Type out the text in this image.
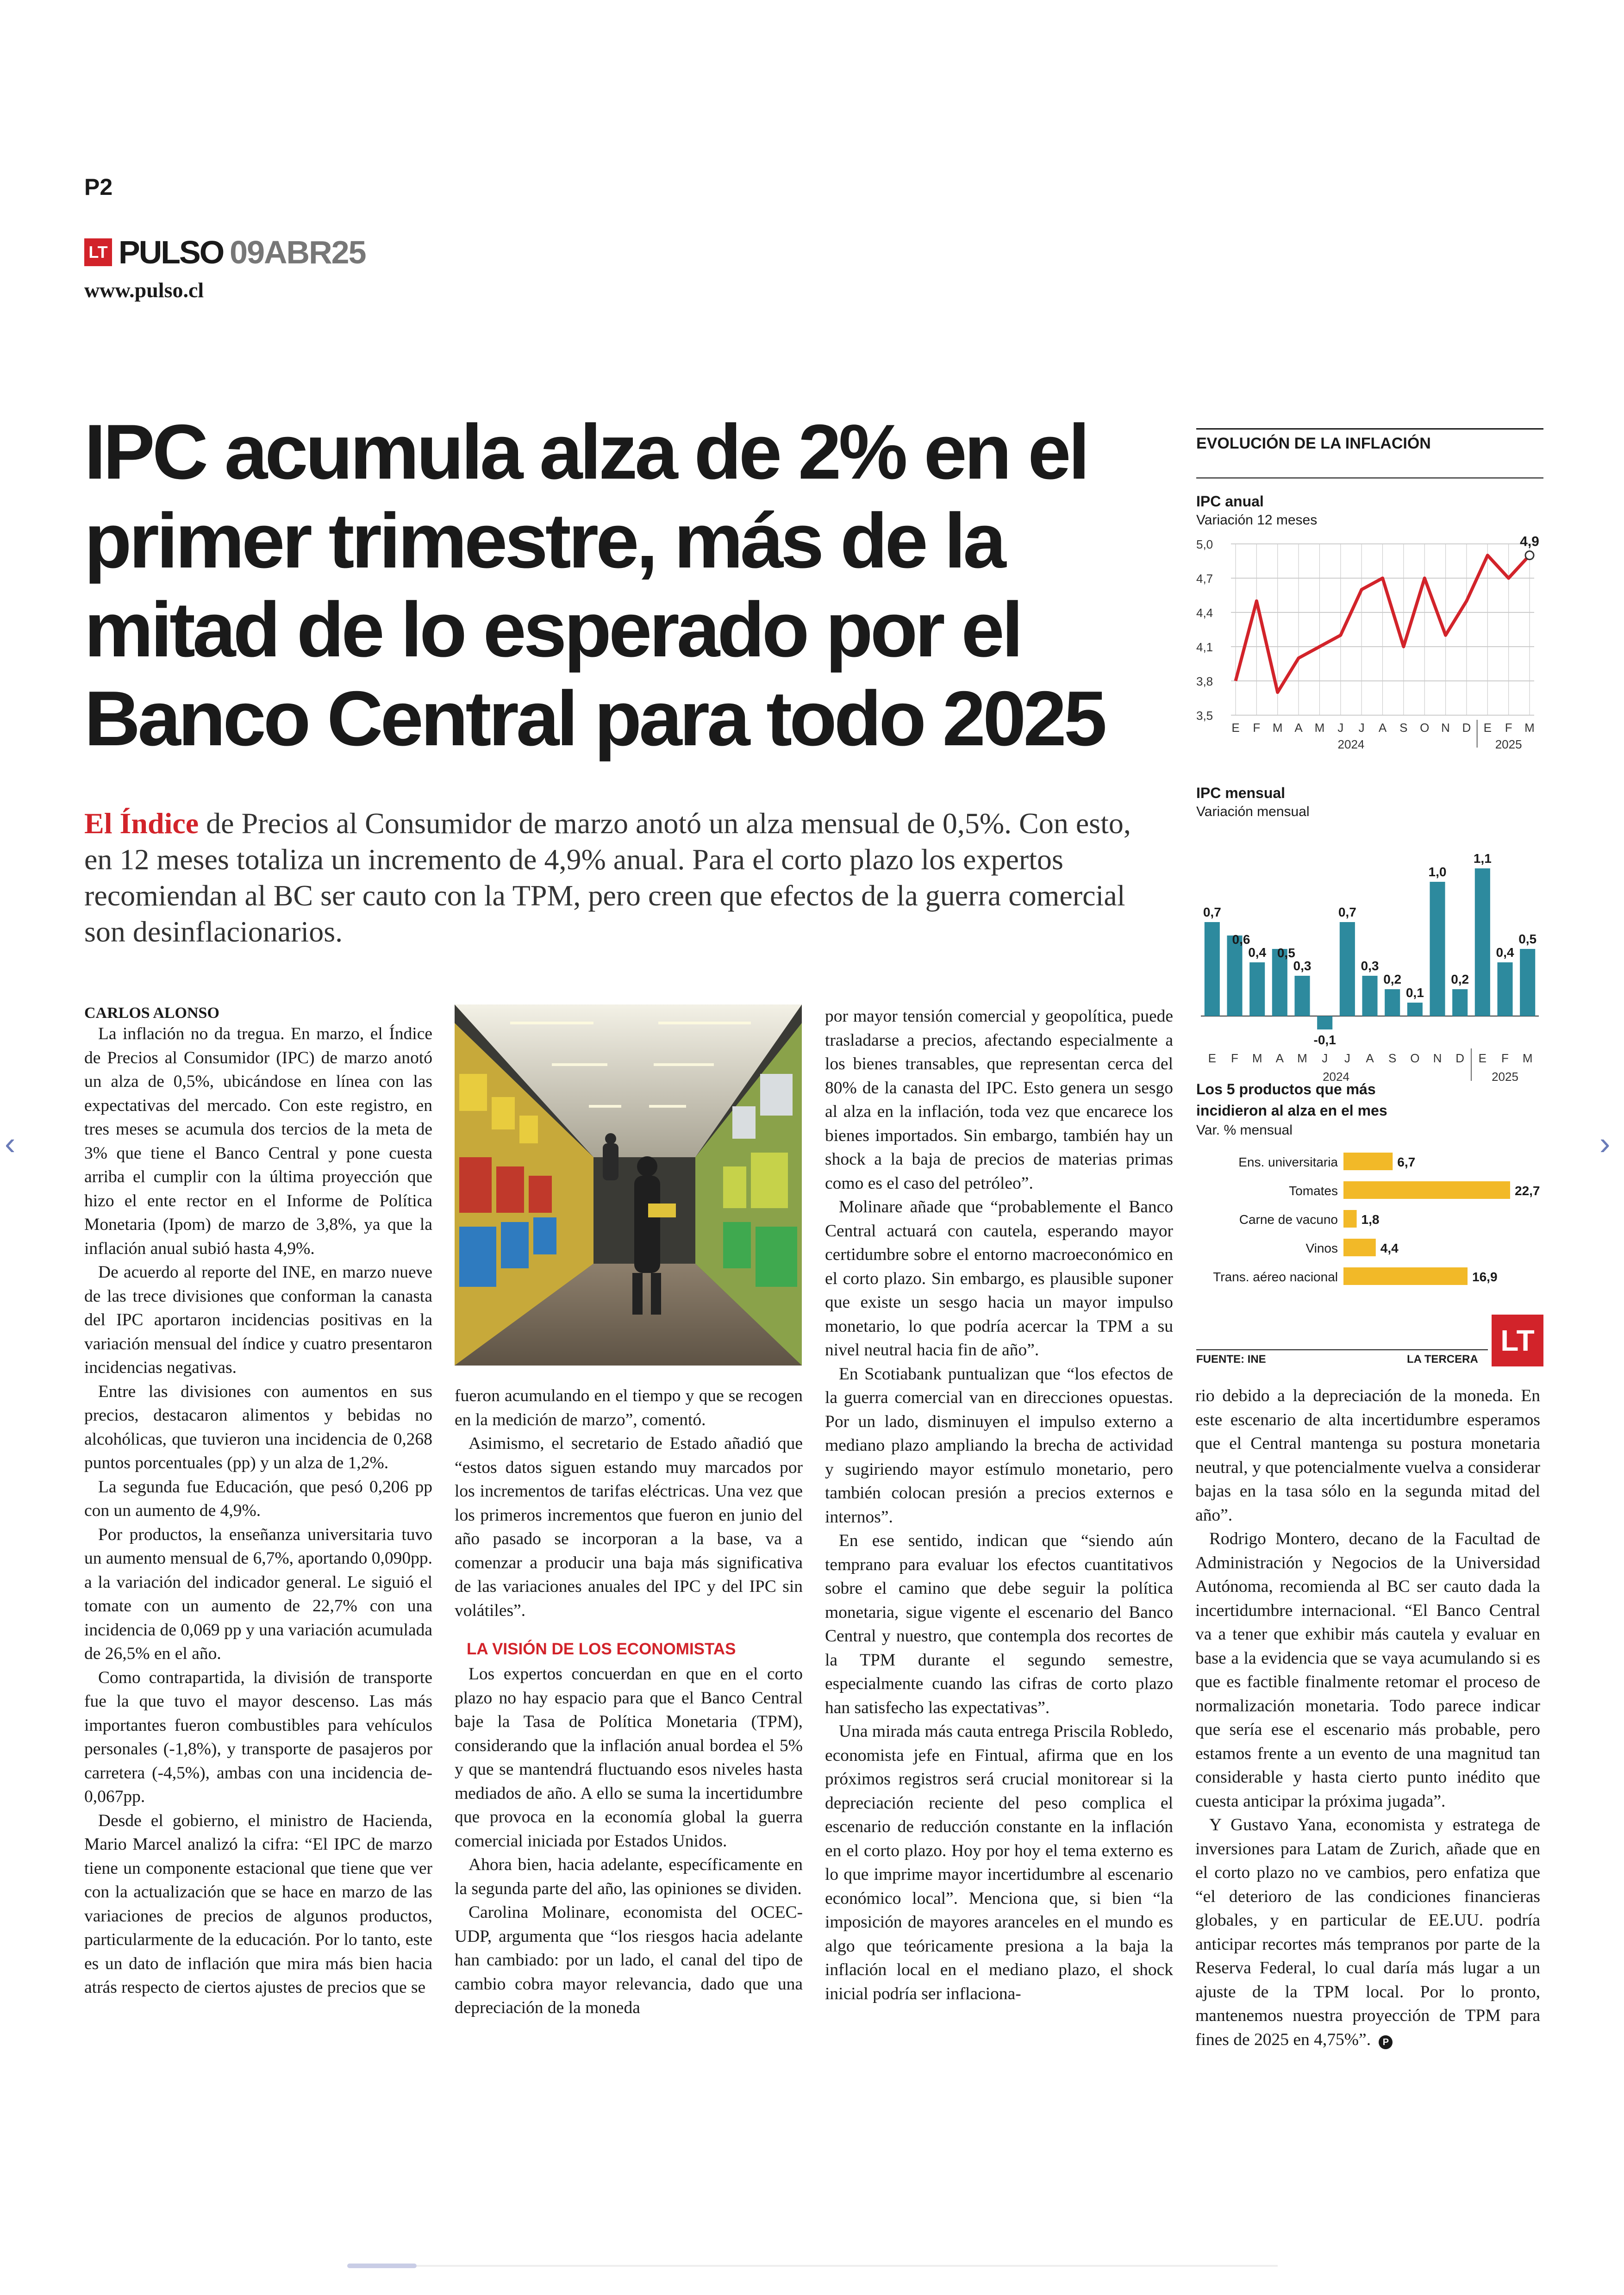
P2
LT PULSO 09ABR25
www.pulso.cl
IPC acumula alza de 2% en el primer trimestre, más de la mitad de lo esperado por el Banco Central para todo 2025

El Índice de Precios al Consumidor de marzo anotó un alza mensual de 0,5%. Con esto, en 12 meses totaliza un incremento de 4,9% anual. Para el corto plazo los expertos recomiendan al BC ser cauto con la TPM, pero creen que efectos de la guerra comercial son desinflacionarios.

CARLOS ALONSO

La inflación no da tregua. En marzo, el Índice de Precios al Consumidor (IPC) de marzo anotó un alza de 0,5%, ubicándose en línea con las expectativas del mercado. Con este registro, en tres meses se acumula dos tercios de la meta de 3% que tiene el Banco Central y pone cuesta arriba el cumplir con la última proyección que hizo el ente rector en el Informe de Política Monetaria (Ipom) de marzo de 3,8%, ya que la inflación anual subió hasta 4,9%.

De acuerdo al reporte del INE, en marzo nueve de las trece divisiones que conforman la canasta del IPC aportaron incidencias positivas en la variación mensual del índice y cuatro presentaron incidencias negativas.

Entre las divisiones con aumentos en sus precios, destacaron alimentos y bebidas no alcohólicas, que tuvieron una incidencia de 0,268 puntos porcentuales (pp) y un alza de 1,2%.

La segunda fue Educación, que pesó 0,206 pp con un aumento de 4,9%.

Por productos, la enseñanza universitaria tuvo un aumento mensual de 6,7%, aportando 0,090pp. a la variación del indicador general. Le siguió el tomate con un aumento de 22,7% con una incidencia de 0,069 pp y una variación acumulada de 26,5% en el año.

Como contrapartida, la división de transporte fue la que tuvo el mayor descenso. Las más importantes fueron combustibles para vehículos personales (-1,8%), y transporte de pasajeros por carretera (-4,5%), ambas con una incidencia de-0,067pp.

Desde el gobierno, el ministro de Hacienda, Mario Marcel analizó la cifra: “El IPC de marzo tiene un componente estacional que tiene que ver con la actualización que se hace en marzo de las variaciones de precios de algunos productos, particularmente de la educación. Por lo tanto, este es un dato de inflación que mira más bien hacia atrás respecto de ciertos ajustes de precios que se

fueron acumulando en el tiempo y que se recogen en la medición de marzo”, comentó.

Asimismo, el secretario de Estado añadió que “estos datos siguen estando muy marcados por los incrementos de tarifas eléctricas. Una vez que los primeros incrementos que fueron en junio del año pasado se incorporan a la base, va a comenzar a producir una baja más significativa de las variaciones anuales del IPC y del IPC sin volátiles”.

LA VISIÓN DE LOS ECONOMISTAS

Los expertos concuerdan en que en el corto plazo no hay espacio para que el Banco Central baje la Tasa de Política Monetaria (TPM), considerando que la inflación anual bordea el 5% y que se mantendrá fluctuando esos niveles hasta mediados de año. A ello se suma la incertidumbre que provoca en la economía global la guerra comercial iniciada por Estados Unidos.

Ahora bien, hacia adelante, específicamente en la segunda parte del año, las opiniones se dividen.

Carolina Molinare, economista del OCEC-UDP, argumenta que “los riesgos hacia adelante han cambiado: por un lado, el canal del tipo de cambio cobra mayor relevancia, dado que una depreciación de la moneda

por mayor tensión comercial y geopolítica, puede trasladarse a precios, afectando especialmente a los bienes transables, que representan cerca del 80% de la canasta del IPC. Esto genera un sesgo al alza en la inflación, toda vez que encarece los bienes importados. Sin embargo, también hay un shock a la baja de precios de materias primas como es el caso del petróleo”.

Molinare añade que “probablemente el Banco Central actuará con cautela, esperando mayor certidumbre sobre el entorno macroeconómico en el corto plazo. Sin embargo, es plausible suponer que existe un sesgo hacia un mayor impulso monetario, lo que podría acercar la TPM a su nivel neutral hacia fin de año”.

En Scotiabank puntualizan que “los efectos de la guerra comercial van en direcciones opuestas. Por un lado, disminuyen el impulso externo a mediano plazo ampliando la brecha de actividad y sugiriendo mayor estímulo monetario, pero también colocan presión a precios externos e internos”.

En ese sentido, indican que “siendo aún temprano para evaluar los efectos cuantitativos sobre el camino que debe seguir la política monetaria, sigue vigente el escenario del Banco Central y nuestro, que contempla dos recortes de la TPM durante el segundo semestre, especialmente cuando las cifras de corto plazo han satisfecho las expectativas”.

Una mirada más cauta entrega Priscila Robledo, economista jefe en Fintual, afirma que en los próximos registros será crucial monitorear si la depreciación reciente del peso complica el escenario de reducción constante en la inflación en el corto plazo. Hoy por hoy el tema externo es lo que imprime mayor incertidumbre al escenario económico local”. Menciona que, si bien “la imposición de mayores aranceles en el mundo es algo que teóricamente presiona a la baja la inflación local en el mediano plazo, el shock inicial podría ser inflaciona-

rio debido a la depreciación de la moneda. En este escenario de alta incertidumbre esperamos que el Central mantenga su postura monetaria neutral, y que potencialmente vuelva a considerar bajas en la tasa sólo en la segunda mitad del año”.

Rodrigo Montero, decano de la Facultad de Administración y Negocios de la Universidad Autónoma, recomienda al BC ser cauto dada la incertidumbre internacional. “El Banco Central va a tener que exhibir más cautela y evaluar en base a la evidencia que se vaya acumulando si es que es factible finalmente retomar el proceso de normalización monetaria. Todo parece indicar que sería ese el escenario más probable, pero estamos frente a un evento de una magnitud tan considerable y hasta cierto punto inédito que cuesta anticipar la próxima jugada”.

Y Gustavo Yana, economista y estratega de inversiones para Latam de Zurich, añade que en el corto plazo no ve cambios, pero enfatiza que “el deterioro de las condiciones financieras globales, y en particular de EE.UU. podría anticipar recortes más tempranos por parte de la Reserva Federal, lo cual daría más lugar a un ajuste de la TPM local. Por lo pronto, mantenemos nuestra proyección de TPM para fines de 2025 en 4,75%”. P

EVOLUCIÓN DE LA INFLACIÓN
IPC anual
Variación 12 meses
5,0
4,7
4,4
4,1
3,8
3,5
E F M A M J J A S O N D E F M
2024	2025
4,9
IPC mensual
Variación mensual
0,7
E
0,6
F
0,4
M
0,5
A
0,3
M
-0,1
J
0,7
J
0,3
A
0,2
S
0,1
O
1,0
N
0,2
D
1,1
E
0,4
F
0,5
M
2024	2025
Los 5 productos que más incidieron al alza en el mes
Var. % mensual
Ens. universitaria	6,7
Tomates	22,7
Carne de vacuno 1,8
Vinos	4,4
Trans. aéreo nacional	16,9
FUENTE: INE	LA TERCERA
LT
‹	›
